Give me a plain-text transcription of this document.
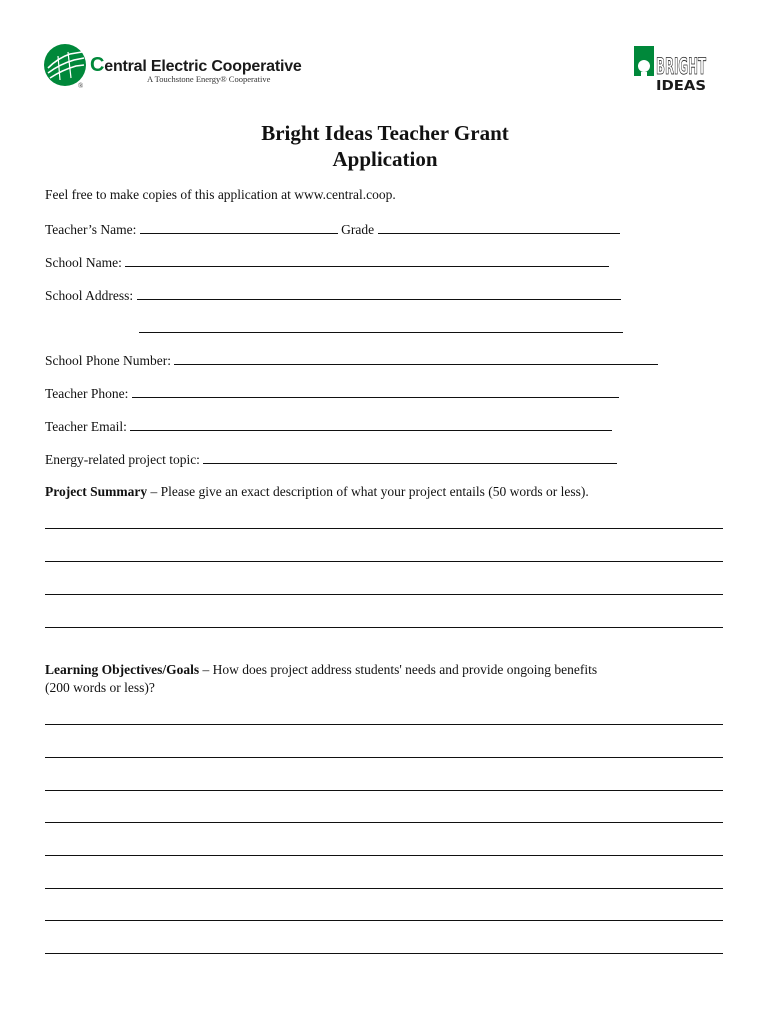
Central Electric Cooperative
A Touchstone Energy® Cooperative
®
BRIGHT
IDEAS
Bright Ideas Teacher Grant
Application
Feel free to make copies of this application at www.central.coop.
Teacher’s Name:	Grade
School Name:
School Address:
School Phone Number:
Teacher Phone:
Teacher Email:
Energy-related project topic:
Project Summary – Please give an exact description of what your project entails (50 words or less).
Learning Objectives/Goals – How does project address students' needs and provide ongoing benefits
(200 words or less)?
